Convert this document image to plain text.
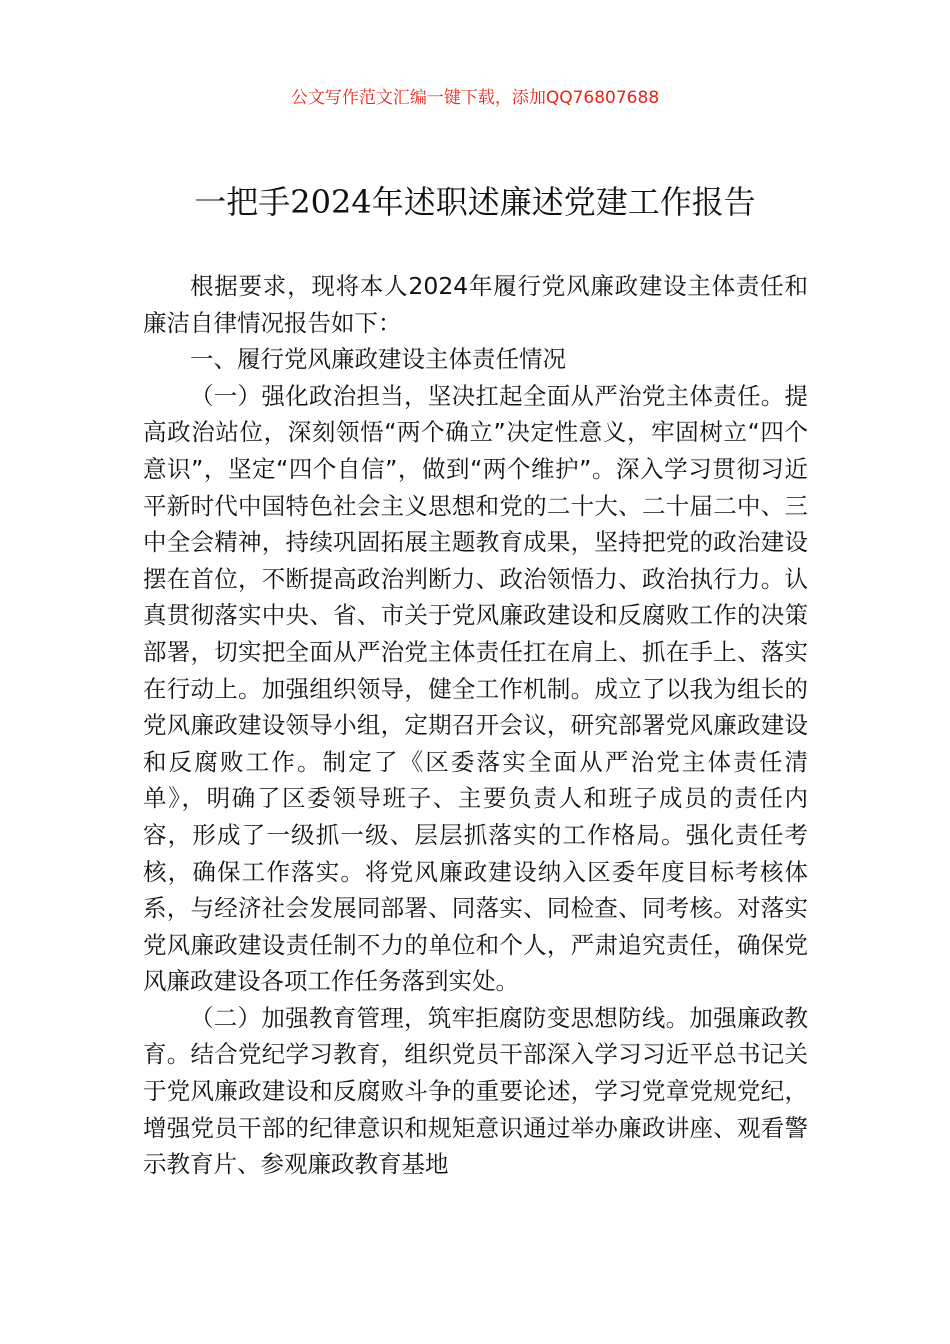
公文写作范文汇编一键下载，添加QQ76807688
一把手2024年述职述廉述党建工作报告

根据要求，现将本人2024年履行党风廉政建设主体责任和廉洁自律情况报告如下：

一、履行党风廉政建设主体责任情况

（一）强化政治担当，坚决扛起全面从严治党主体责任。提高政治站位，深刻领悟“两个确立”决定性意义，牢固树立“四个意识”，坚定“四个自信”，做到“两个维护”。深入学习贯彻习近平新时代中国特色社会主义思想和党的二十大、二十届二中、三中全会精神，持续巩固拓展主题教育成果，坚持把党的政治建设摆在首位，不断提高政治判断力、政治领悟力、政治执行力。认真贯彻落实中央、省、市关于党风廉政建设和反腐败工作的决策部署，切实把全面从严治党主体责任扛在肩上、抓在手上、落实在行动上。加强组织领导，健全工作机制。成立了以我为组长的党风廉政建设领导小组，定期召开会议，研究部署党风廉政建设和反腐败工作。制定了《区委落实全面从严治党主体责任清单》，明确了区委领导班子、主要负责人和班子成员的责任内容，形成了一级抓一级、层层抓落实的工作格局。强化责任考核，确保工作落实。将党风廉政建设纳入区委年度目标考核体系，与经济社会发展同部署、同落实、同检查、同考核。对落实党风廉政建设责任制不力的单位和个人，严肃追究责任，确保党风廉政建设各项工作任务落到实处。

（二）加强教育管理，筑牢拒腐防变思想防线。加强廉政教育。结合党纪学习教育，组织党员干部深入学习习近平总书记关于党风廉政建设和反腐败斗争的重要论述，学习党章党规党纪，增强党员干部的纪律意识和规矩意识通过举办廉政讲座、观看警示教育片、参观廉政教育基地
